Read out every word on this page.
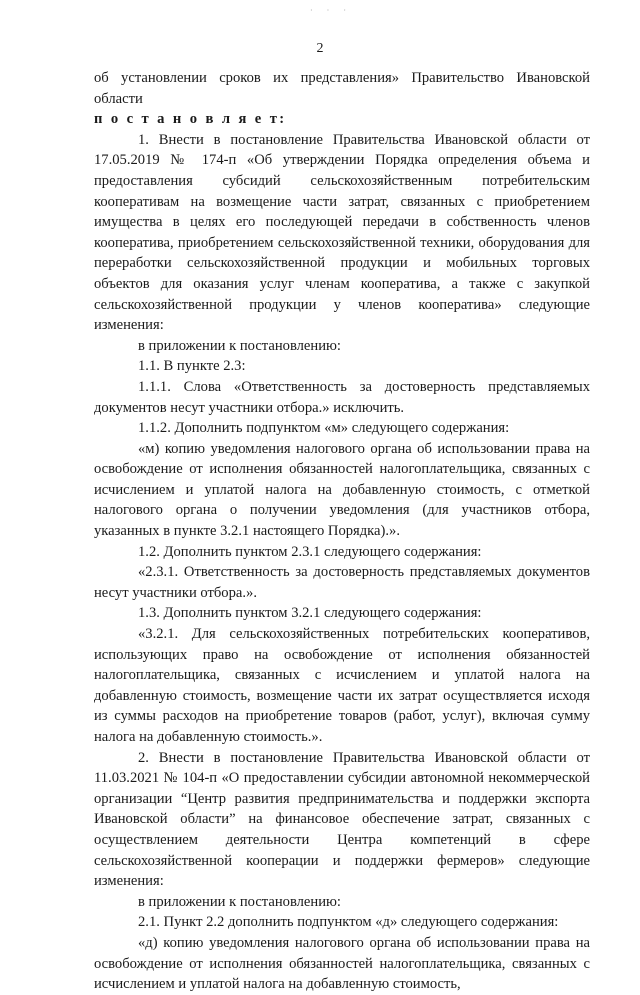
· · ·
2

об установлении сроков их представления» Правительство Ивановской области

п о с т а н о в л я е т:

1. Внести в постановление Правительства Ивановской области от 17.05.2019 № 174-п «Об утверждении Порядка определения объема и предоставления субсидий сельскохозяйственным потребительским кооперативам на возмещение части затрат, связанных с приобретением имущества в целях его последующей передачи в собственность членов кооператива, приобретением сельскохозяйственной техники, оборудования для переработки сельскохозяйственной продукции и мобильных торговых объектов для оказания услуг членам кооператива, а также с закупкой сельскохозяйственной продукции у членов кооператива» следующие изменения:

в приложении к постановлению:

1.1. В пункте 2.3:

1.1.1. Слова «Ответственность за достоверность представляемых документов несут участники отбора.» исключить.

1.1.2. Дополнить подпунктом «м» следующего содержания:

«м) копию уведомления налогового органа об использовании права на освобождение от исполнения обязанностей налогоплательщика, связанных с исчислением и уплатой налога на добавленную стоимость, с отметкой налогового органа о получении уведомления (для участников отбора, указанных в пункте 3.2.1 настоящего Порядка).».

1.2. Дополнить пунктом 2.3.1 следующего содержания:

«2.3.1. Ответственность за достоверность представляемых документов несут участники отбора.».

1.3. Дополнить пунктом 3.2.1 следующего содержания:

«3.2.1. Для сельскохозяйственных потребительских кооперативов, использующих право на освобождение от исполнения обязанностей налогоплательщика, связанных с исчислением и уплатой налога на добавленную стоимость, возмещение части их затрат осуществляется исходя из суммы расходов на приобретение товаров (работ, услуг), включая сумму налога на добавленную стоимость.».

2. Внести в постановление Правительства Ивановской области от 11.03.2021 № 104-п «О предоставлении субсидии автономной некоммерческой организации “Центр развития предпринимательства и поддержки экспорта Ивановской области” на финансовое обеспечение затрат, связанных с осуществлением деятельности Центра компетенций в сфере сельскохозяйственной кооперации и поддержки фермеров» следующие изменения:

в приложении к постановлению:

2.1. Пункт 2.2 дополнить подпунктом «д» следующего содержания:

«д) копию уведомления налогового органа об использовании права на освобождение от исполнения обязанностей налогоплательщика, связанных с исчислением и уплатой налога на добавленную стоимость,
